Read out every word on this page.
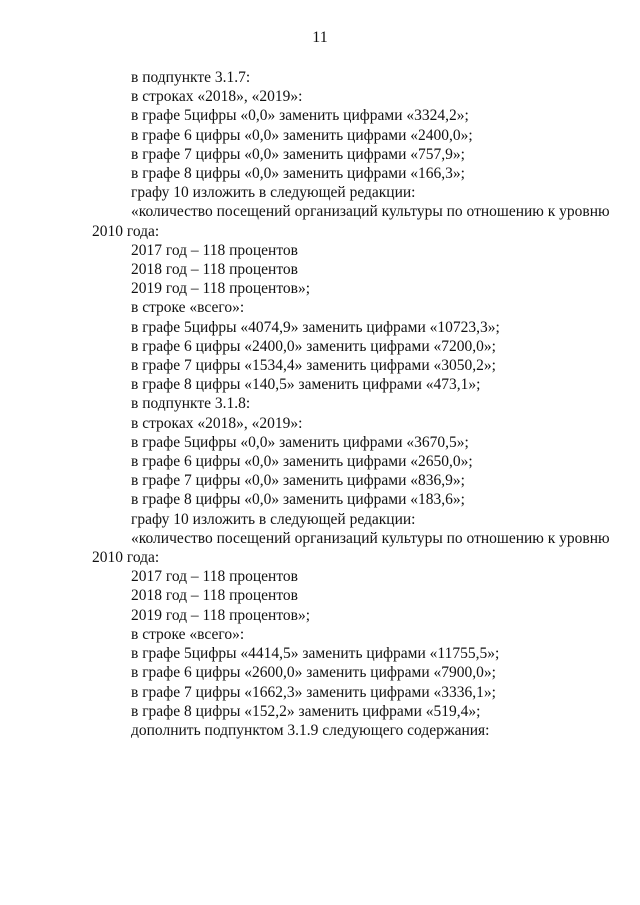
11
в подпункте 3.1.7:
в строках «2018», «2019»:
в графе 5цифры «0,0» заменить цифрами «3324,2»;
в графе 6 цифры «0,0» заменить цифрами «2400,0»;
в графе 7 цифры «0,0» заменить цифрами «757,9»;
в графе 8 цифры «0,0» заменить цифрами «166,3»;
графу 10 изложить в следующей редакции:
«количество посещений организаций культуры по отношению к уровню
2010 года:
2017 год – 118 процентов
2018 год – 118 процентов
2019 год – 118 процентов»;
в строке «всего»:
в графе 5цифры «4074,9» заменить цифрами «10723,3»;
в графе 6 цифры «2400,0» заменить цифрами «7200,0»;
в графе 7 цифры «1534,4» заменить цифрами «3050,2»;
в графе 8 цифры «140,5» заменить цифрами «473,1»;
в подпункте 3.1.8:
в строках «2018», «2019»:
в графе 5цифры «0,0» заменить цифрами «3670,5»;
в графе 6 цифры «0,0» заменить цифрами «2650,0»;
в графе 7 цифры «0,0» заменить цифрами «836,9»;
в графе 8 цифры «0,0» заменить цифрами «183,6»;
графу 10 изложить в следующей редакции:
«количество посещений организаций культуры по отношению к уровню
2010 года:
2017 год – 118 процентов
2018 год – 118 процентов
2019 год – 118 процентов»;
в строке «всего»:
в графе 5цифры «4414,5» заменить цифрами «11755,5»;
в графе 6 цифры «2600,0» заменить цифрами «7900,0»;
в графе 7 цифры «1662,3» заменить цифрами «3336,1»;
в графе 8 цифры «152,2» заменить цифрами «519,4»;
дополнить подпунктом 3.1.9 следующего содержания:
